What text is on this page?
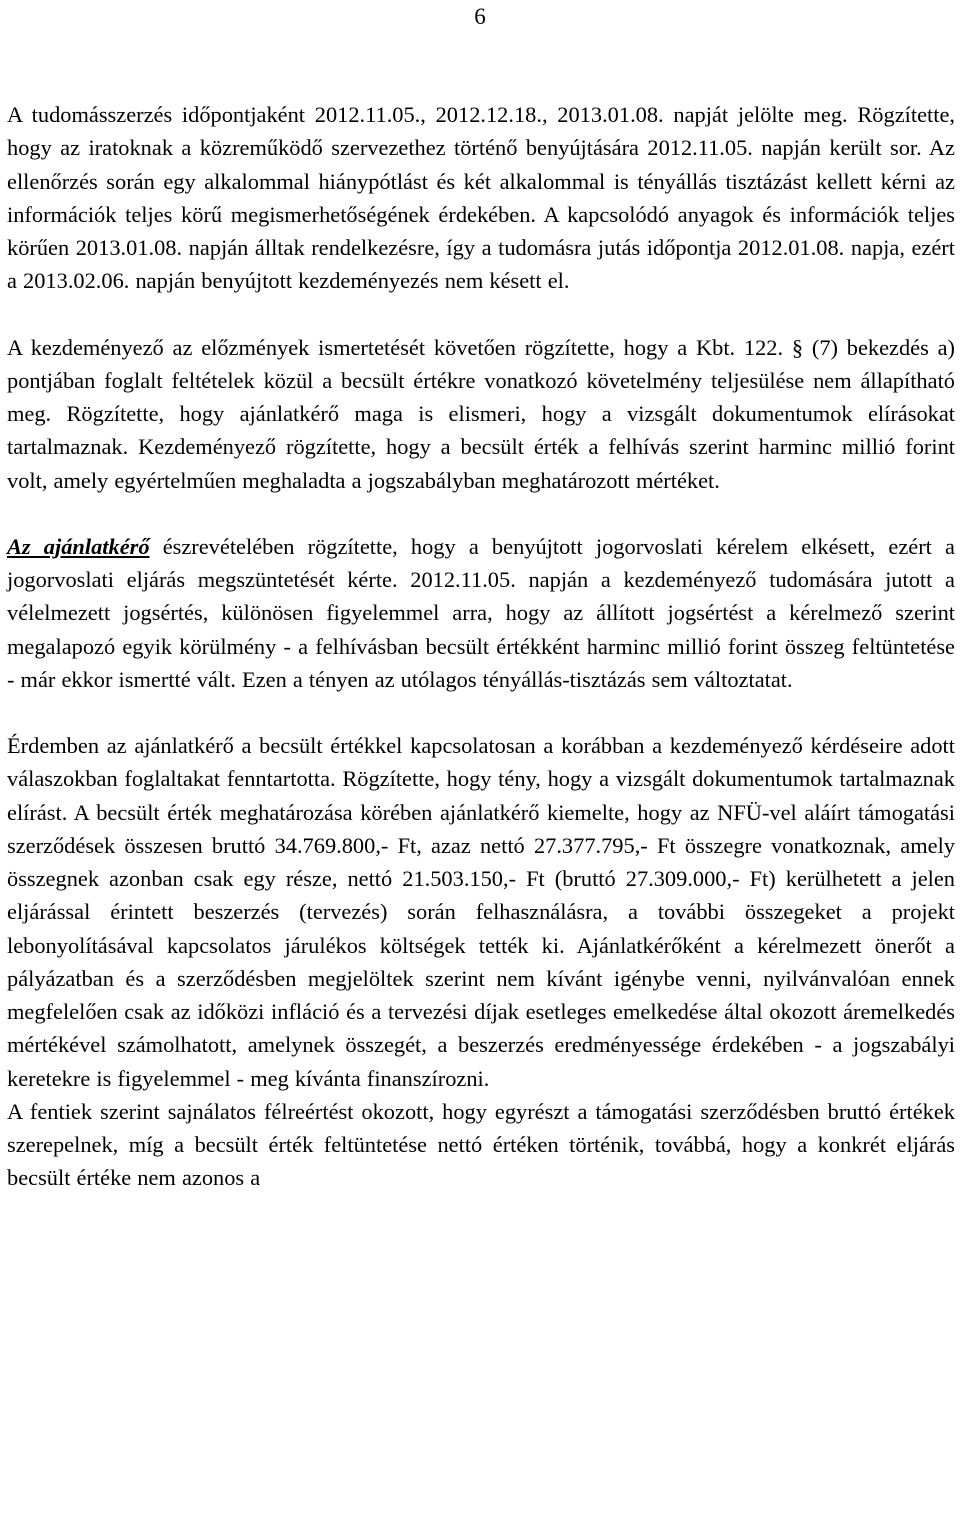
6

A tudomásszerzés időpontjaként 2012.11.05., 2012.12.18., 2013.01.08. napját jelölte meg. Rögzítette, hogy az iratoknak a közreműködő szervezethez történő benyújtására 2012.11.05. napján került sor. Az ellenőrzés során egy alkalommal hiánypótlást és két alkalommal is tényállás tisztázást kellett kérni az információk teljes körű megismerhetőségének érdekében. A kapcsolódó anyagok és információk teljes körűen 2013.01.08. napján álltak rendelkezésre, így a tudomásra jutás időpontja 2012.01.08. napja, ezért a 2013.02.06. napján benyújtott kezdeményezés nem késett el.

A kezdeményező az előzmények ismertetését követően rögzítette, hogy a Kbt. 122. § (7) bekezdés a) pontjában foglalt feltételek közül a becsült értékre vonatkozó követelmény teljesülése nem állapítható meg. Rögzítette, hogy ajánlatkérő maga is elismeri, hogy a vizsgált dokumentumok elírásokat tartalmaznak. Kezdeményező rögzítette, hogy a becsült érték a felhívás szerint harminc millió forint volt, amely egyértelműen meghaladta a jogszabályban meghatározott mértéket.

Az ajánlatkérő észrevételében rögzítette, hogy a benyújtott jogorvoslati kérelem elkésett, ezért a jogorvoslati eljárás megszüntetését kérte. 2012.11.05. napján a kezdeményező tudomására jutott a vélelmezett jogsértés, különösen figyelemmel arra, hogy az állított jogsértést a kérelmező szerint megalapozó egyik körülmény - a felhívásban becsült értékként harminc millió forint összeg feltüntetése - már ekkor ismertté vált. Ezen a tényen az utólagos tényállás-tisztázás sem változtatat.

Érdemben az ajánlatkérő a becsült értékkel kapcsolatosan a korábban a kezdeményező kérdéseire adott válaszokban foglaltakat fenntartotta. Rögzítette, hogy tény, hogy a vizsgált dokumentumok tartalmaznak elírást. A becsült érték meghatározása körében ajánlatkérő kiemelte, hogy az NFÜ-vel aláírt támogatási szerződések összesen bruttó 34.769.800,- Ft, azaz nettó 27.377.795,- Ft összegre vonatkoznak, amely összegnek azonban csak egy része, nettó 21.503.150,- Ft (bruttó 27.309.000,- Ft) kerülhetett a jelen eljárással érintett beszerzés (tervezés) során felhasználásra, a további összegeket a projekt lebonyolításával kapcsolatos járulékos költségek tették ki. Ajánlatkérőként a kérelmezett önerőt a pályázatban és a szerződésben megjelöltek szerint nem kívánt igénybe venni, nyilvánvalóan ennek megfelelően csak az időközi infláció és a tervezési díjak esetleges emelkedése által okozott áremelkedés mértékével számolhatott, amelynek összegét, a beszerzés eredményessége érdekében - a jogszabályi keretekre is figyelemmel - meg kívánta finanszírozni.

A fentiek szerint sajnálatos félreértést okozott, hogy egyrészt a támogatási szerződésben bruttó értékek szerepelnek, míg a becsült érték feltüntetése nettó értéken történik, továbbá, hogy a konkrét eljárás becsült értéke nem azonos a
